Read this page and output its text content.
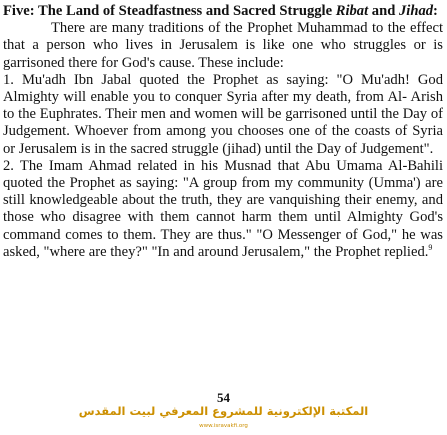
Five: The Land of Steadfastness and Sacred Struggle Ribat and Jihad:

There are many traditions of the Prophet Muhammad to the effect that a person who lives in Jerusalem is like one who struggles or is garrisoned there for God's cause. These include:

1. Mu'adh Ibn Jabal quoted the Prophet as saying: "O Mu'adh! God Almighty will enable you to conquer Syria after my death, from Al- Arish to the Euphrates. Their men and women will be garrisoned until the Day of Judgement. Whoever from among you chooses one of the coasts of Syria or Jerusalem is in the sacred struggle (jihad) until the Day of Judgement".

2. The Imam Ahmad related in his Musnad that Abu Umama Al-Bahili quoted the Prophet as saying: "A group from my community (Umma') are still knowledgeable about the truth, they are vanquishing their enemy, and those who disagree with them cannot harm them until Almighty God's command comes to them. They are thus." "O Messenger of God," he was asked, "where are they?" "In and around Jerusalem," the Prophet replied.$^9$

54
المكتبة الإلكترونية للمشروع المعرفي لبيت المقدس
www.isravakfi.org
